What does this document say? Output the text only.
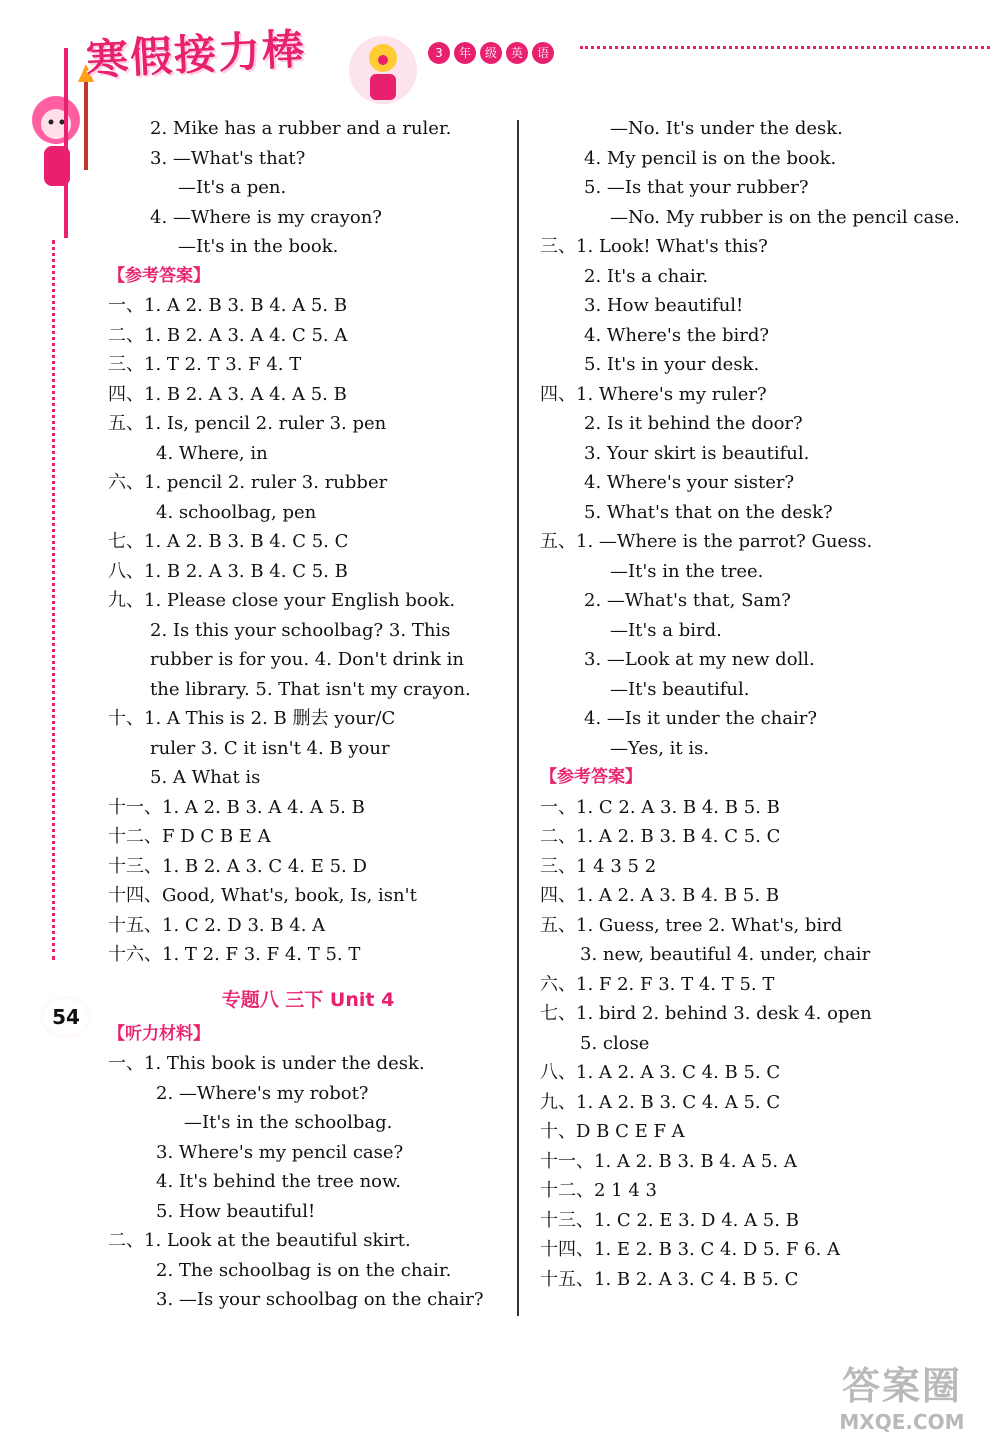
寒假接力棒	3	年	级	英	语
54
2. Mike has a rubber and a ruler.
3. —What's that?
—It's a pen.
4. —Where is my crayon?
—It's in the book.
【参考答案】
一、1. A 2. B 3. B 4. A 5. B
二、1. B 2. A 3. A 4. C 5. A
三、1. T 2. T 3. F 4. T
四、1. B 2. A 3. A 4. A 5. B
五、1. Is, pencil 2. ruler 3. pen
4. Where, in
六、1. pencil 2. ruler 3. rubber
4. schoolbag, pen
七、1. A 2. B 3. B 4. C 5. C
八、1. B 2. A 3. B 4. C 5. B
九、1. Please close your English book.
2. Is this your schoolbag? 3. This
rubber is for you. 4. Don't drink in
the library. 5. That isn't my crayon.
十、1. A This is 2. B 删去 your/C
ruler 3. C it isn't 4. B your
5. A What is
十一、1. A 2. B 3. A 4. A 5. B
十二、F D C B E A
十三、1. B 2. A 3. C 4. E 5. D
十四、Good, What's, book, Is, isn't
十五、1. C 2. D 3. B 4. A
十六、1. T 2. F 3. F 4. T 5. T
专题八 三下 Unit 4
【听力材料】
一、1. This book is under the desk.
2. —Where's my robot?
—It's in the schoolbag.
3. Where's my pencil case?
4. It's behind the tree now.
5. How beautiful!
二、1. Look at the beautiful skirt.
2. The schoolbag is on the chair.
3. —Is your schoolbag on the chair?
—No. It's under the desk.
4. My pencil is on the book.
5. —Is that your rubber?
—No. My rubber is on the pencil case.
三、1. Look! What's this?
2. It's a chair.
3. How beautiful!
4. Where's the bird?
5. It's in your desk.
四、1. Where's my ruler?
2. Is it behind the door?
3. Your skirt is beautiful.
4. Where's your sister?
5. What's that on the desk?
五、1. —Where is the parrot? Guess.
—It's in the tree.
2. —What's that, Sam?
—It's a bird.
3. —Look at my new doll.
—It's beautiful.
4. —Is it under the chair?
—Yes, it is.
【参考答案】
一、1. C 2. A 3. B 4. B 5. B
二、1. A 2. B 3. B 4. C 5. C
三、1 4 3 5 2
四、1. A 2. A 3. B 4. B 5. B
五、1. Guess, tree 2. What's, bird
3. new, beautiful 4. under, chair
六、1. F 2. F 3. T 4. T 5. T
七、1. bird 2. behind 3. desk 4. open
5. close
八、1. A 2. A 3. C 4. B 5. C
九、1. A 2. B 3. C 4. A 5. C
十、D B C E F A
十一、1. A 2. B 3. B 4. A 5. A
十二、2 1 4 3
十三、1. C 2. E 3. D 4. A 5. B
十四、1. E 2. B 3. C 4. D 5. F 6. A
十五、1. B 2. A 3. C 4. B 5. C
答案圈
MXQE.COM
